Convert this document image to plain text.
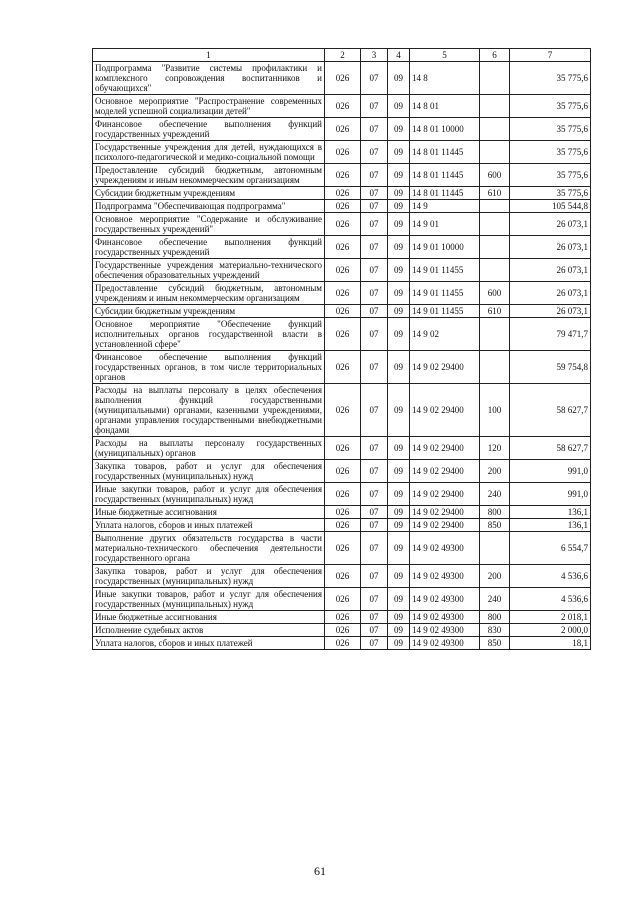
1	2	3	4	5	6	7
Подпрограмма "Развитие системы профилактики и комплексного сопровождения воспитанников и обучающихся"	026	07	09	14 8		35 775,6
Основное мероприятие "Распространение современных моделей успешной социализации детей"	026	07	09	14 8 01		35 775,6
Финансовое обеспечение выполнения функций государственных учреждений	026	07	09	14 8 01 10000		35 775,6
Государственные учреждения для детей, нуждающихся в психолого-педагогической и медико-социальной помощи	026	07	09	14 8 01 11445		35 775,6
Предоставление субсидий бюджетным, автономным учреждениям и иным некоммерческим организациям	026	07	09	14 8 01 11445	600	35 775,6
Субсидии бюджетным учреждениям	026	07	09	14 8 01 11445	610	35 775,6
Подпрограмма "Обеспечивающая подпрограмма"	026	07	09	14 9		105 544,8
Основное мероприятие "Содержание и обслуживание государственных учреждений"	026	07	09	14 9 01		26 073,1
Финансовое обеспечение выполнения функций государственных учреждений	026	07	09	14 9 01 10000		26 073,1
Государственные учреждения материально-технического обеспечения образовательных учреждений	026	07	09	14 9 01 11455		26 073,1
Предоставление субсидий бюджетным, автономным учреждениям и иным некоммерческим организациям	026	07	09	14 9 01 11455	600	26 073,1
Субсидии бюджетным учреждениям	026	07	09	14 9 01 11455	610	26 073,1
Основное мероприятие "Обеспечение функций исполнительных органов государственной власти в установленной сфере"	026	07	09	14 9 02		79 471,7
Финансовое обеспечение выполнения функций государственных органов, в том числе территориальных органов	026	07	09	14 9 02 29400		59 754,8
Расходы на выплаты персоналу в целях обеспечения выполнения функций государственными (муниципальными) органами, казенными учреждениями, органами управления государственными внебюджетными фондами	026	07	09	14 9 02 29400	100	58 627,7
Расходы на выплаты персоналу государственных (муниципальных) органов	026	07	09	14 9 02 29400	120	58 627,7
Закупка товаров, работ и услуг для обеспечения государственных (муниципальных) нужд	026	07	09	14 9 02 29400	200	991,0
Иные закупки товаров, работ и услуг для обеспечения государственных (муниципальных) нужд	026	07	09	14 9 02 29400	240	991,0
Иные бюджетные ассигнования	026	07	09	14 9 02 29400	800	136,1
Уплата налогов, сборов и иных платежей	026	07	09	14 9 02 29400	850	136,1
Выполнение других обязательств государства в части материально-технического обеспечения деятельности государственного органа	026	07	09	14 9 02 49300		6 554,7
Закупка товаров, работ и услуг для обеспечения государственных (муниципальных) нужд	026	07	09	14 9 02 49300	200	4 536,6
Иные закупки товаров, работ и услуг для обеспечения государственных (муниципальных) нужд	026	07	09	14 9 02 49300	240	4 536,6
Иные бюджетные ассигнования	026	07	09	14 9 02 49300	800	2 018,1
Исполнение судебных актов	026	07	09	14 9 02 49300	830	2 000,0
Уплата налогов, сборов и иных платежей	026	07	09	14 9 02 49300	850	18,1
61
